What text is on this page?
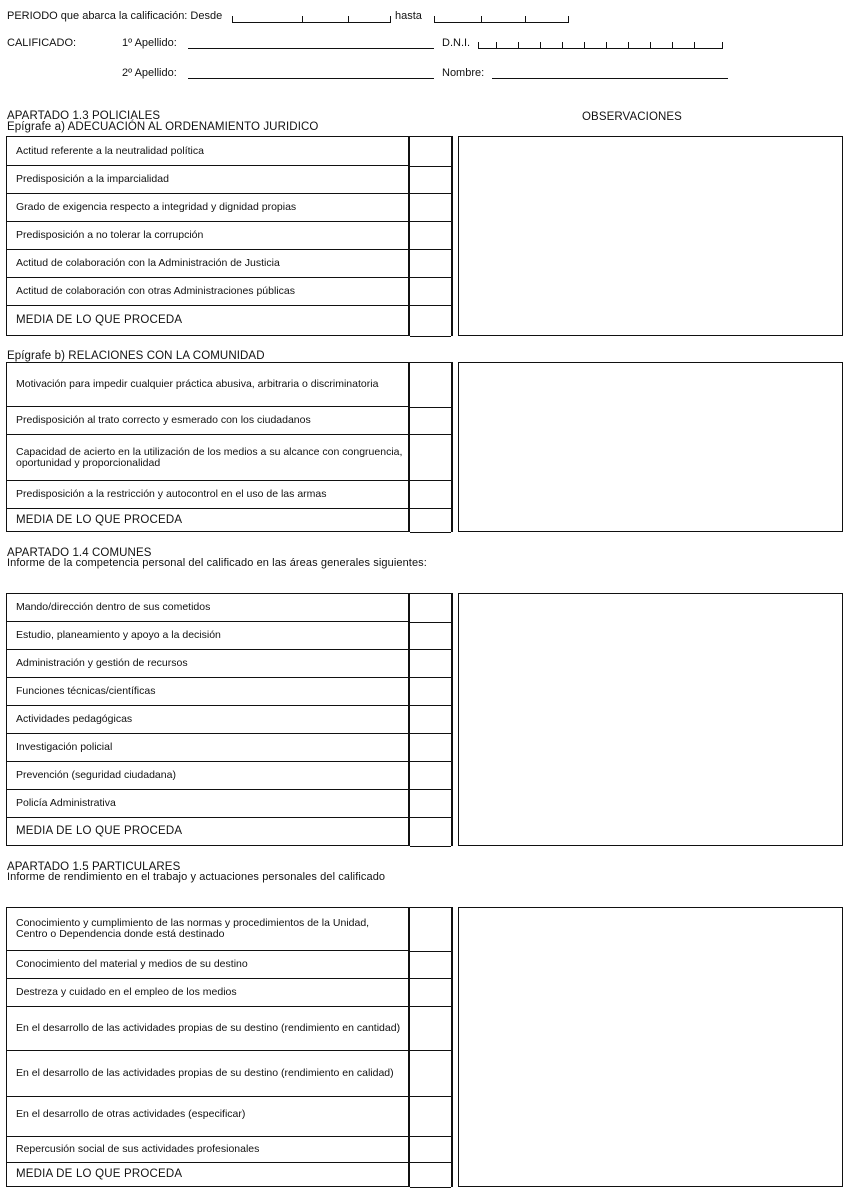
PERIODO que abarca la calificación: Desde	hasta
CALIFICADO:	1º Apellido:	D.N.I.
2º Apellido:	Nombre:
APARTADO 1.3 POLICIALES
Epígrafe a) ADECUACIÓN AL ORDENAMIENTO JURIDICO
OBSERVACIONES
Actitud referente a la neutralidad política
Predisposición a la imparcialidad
Grado de exigencia respecto a integridad y dignidad propias
Predisposición a no tolerar la corrupción
Actitud de colaboración con la Administración de Justicia
Actitud de colaboración con otras Administraciones públicas
MEDIA DE LO QUE PROCEDA
Epígrafe b) RELACIONES CON LA COMUNIDAD
Motivación para impedir cualquier práctica abusiva, arbitraria o discriminatoria
Predisposición al trato correcto y esmerado con los ciudadanos
Capacidad de acierto en la utilización de los medios a su alcance con congruencia, oportunidad y proporcionalidad
Predisposición a la restricción y autocontrol en el uso de las armas
MEDIA DE LO QUE PROCEDA
APARTADO 1.4 COMUNES
Informe de la competencia personal del calificado en las áreas generales siguientes:
Mando/dirección dentro de sus cometidos
Estudio, planeamiento y apoyo a la decisión
Administración y gestión de recursos
Funciones técnicas/científicas
Actividades pedagógicas
Investigación policial
Prevención (seguridad ciudadana)
Policía Administrativa
MEDIA DE LO QUE PROCEDA
APARTADO 1.5 PARTICULARES
Informe de rendimiento en el trabajo y actuaciones personales del calificado
Conocimiento y cumplimiento de las normas y procedimientos de la Unidad, Centro o Dependencia donde está destinado
Conocimiento del material y medios de su destino
Destreza y cuidado en el empleo de los medios
En el desarrollo de las actividades propias de su destino (rendimiento en cantidad)
En el desarrollo de las actividades propias de su destino (rendimiento en calidad)
En el desarrollo de otras actividades (especificar)
Repercusión social de sus actividades profesionales
MEDIA DE LO QUE PROCEDA
